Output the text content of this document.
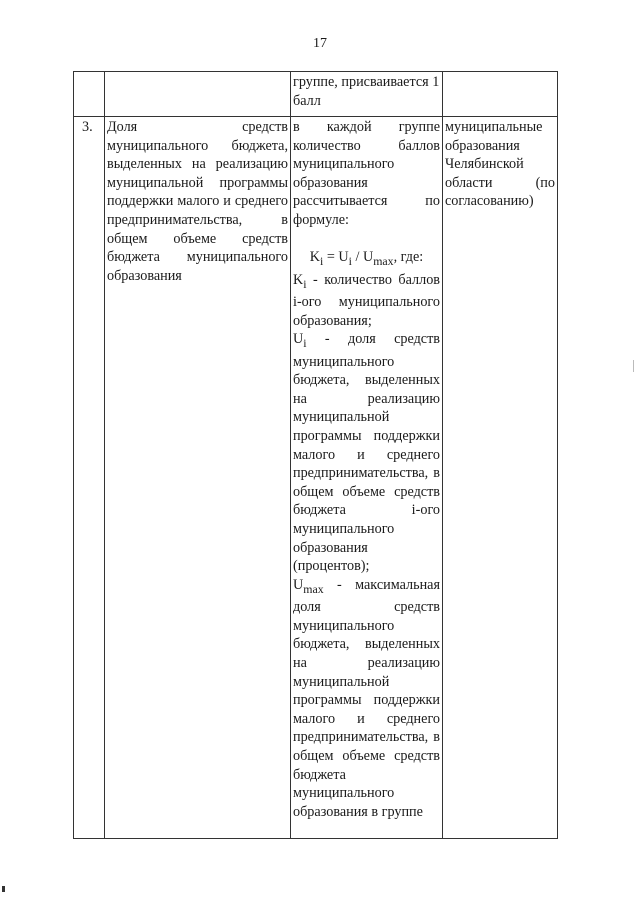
17

		группе, присваивается 1 балл	

3.	Доля средств муниципального бюджета, выделенных на реализацию муниципальной программы поддержки малого и среднего предпринимательства, в общем объеме средств бюджета муниципального образования	в каждой группе количество баллов муниципального образования рассчитывается по формуле:

$K_i = U_i / U_{max}$, где:
$K_i$ - количество баллов i-ого муниципального образования;
$U_i$ - доля средств муниципального бюджета, выделенных на реализацию муниципальной программы поддержки малого и среднего предпринимательства, в общем объеме средств бюджета i-ого муниципального образования (процентов);
$U_{max}$ - максимальная доля средств муниципального бюджета, выделенных на реализацию муниципальной программы поддержки малого и среднего предпринимательства, в общем объеме средств бюджета муниципального образования в группе	муниципальные образования Челябинской области (по согласованию)
